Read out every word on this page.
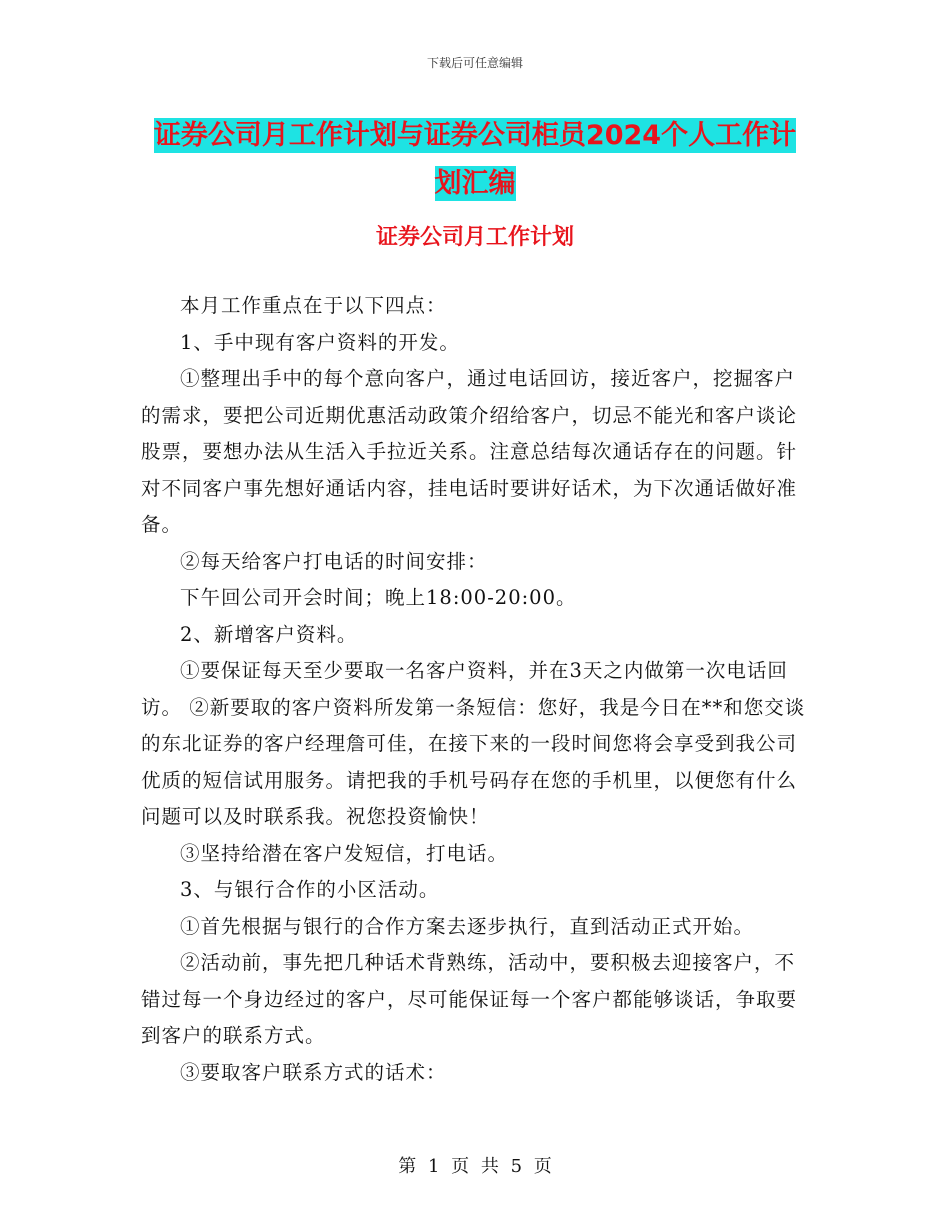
下载后可任意编辑
证券公司月工作计划与证券公司柜员2024个人工作计
划汇编
证券公司月工作计划

本月工作重点在于以下四点：

1、手中现有客户资料的开发。

①整理出手中的每个意向客户，通过电话回访，接近客户，挖掘客户的需求，要把公司近期优惠活动政策介绍给客户，切忌不能光和客户谈论股票，要想办法从生活入手拉近关系。注意总结每次通话存在的问题。针对不同客户事先想好通话内容，挂电话时要讲好话术，为下次通话做好准备。

②每天给客户打电话的时间安排：

下午回公司开会时间；晚上18:00-20:00。

2、新增客户资料。

①要保证每天至少要取一名客户资料，并在3天之内做第一次电话回访。 ②新要取的客户资料所发第一条短信：您好，我是今日在**和您交谈的东北证券的客户经理詹可佳，在接下来的一段时间您将会享受到我公司优质的短信试用服务。请把我的手机号码存在您的手机里，以便您有什么问题可以及时联系我。祝您投资愉快！

③坚持给潜在客户发短信，打电话。

3、与银行合作的小区活动。

①首先根据与银行的合作方案去逐步执行，直到活动正式开始。

②活动前，事先把几种话术背熟练，活动中，要积极去迎接客户，不错过每一个身边经过的客户，尽可能保证每一个客户都能够谈话，争取要到客户的联系方式。

③要取客户联系方式的话术：

第 1 页 共 5 页
